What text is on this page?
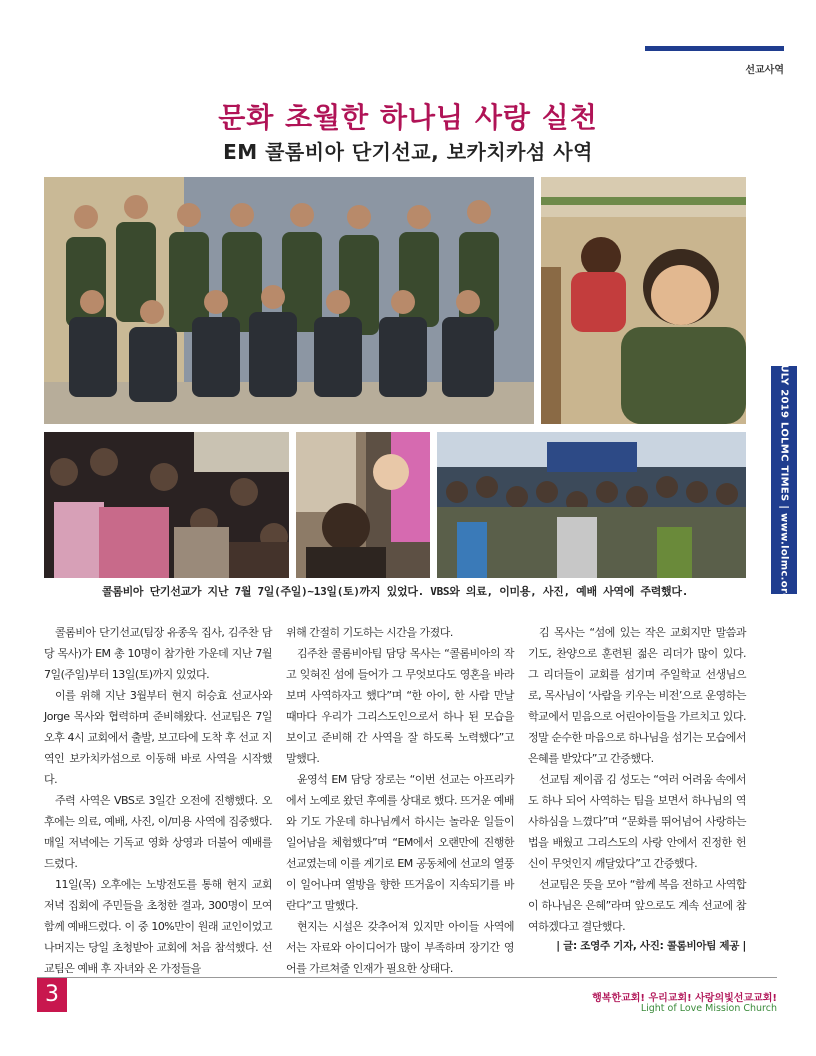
선교사역
문화 초월한 하나님 사랑 실천
EM 콜롬비아 단기선교, 보카치카섬 사역
콜롬비아 단기선교가 지난 7월 7일(주일)~13일(토)까지 있었다. VBS와 의료, 이미용, 사진, 예배 사역에 주력했다.

콜롬비아 단기선교(팀장 유종욱 집사, 김주찬 담당 목사)가 EM 총 10명이 참가한 가운데 지난 7월 7일(주일)부터 13일(토)까지 있었다.

이를 위해 지난 3월부터 현지 허승효 선교사와 Jorge 목사와 협력하며 준비해왔다. 선교팀은 7일 오후 4시 교회에서 출발, 보고타에 도착 후 선교 지역인 보카치카섬으로 이동해 바로 사역을 시작했다.

주력 사역은 VBS로 3일간 오전에 진행했다. 오후에는 의료, 예배, 사진, 이/미용 사역에 집중했다. 매일 저녁에는 기독교 영화 상영과 더불어 예배를 드렸다.

11일(목) 오후에는 노방전도를 통해 현지 교회 저녁 집회에 주민들을 초청한 결과, 300명이 모여 함께 예배드렸다. 이 중 10%만이 원래 교인이었고 나머지는 당일 초청받아 교회에 처음 참석했다. 선교팀은 예배 후 자녀와 온 가정들을

위해 간절히 기도하는 시간을 가졌다.

김주찬 콜롬비아팀 담당 목사는 “콜롬비아의 작고 잊혀진 섬에 들어가 그 무엇보다도 영혼을 바라보며 사역하자고 했다”며 “한 아이, 한 사람 만날 때마다 우리가 그리스도인으로서 하나 된 모습을 보이고 준비해 간 사역을 잘 하도록 노력했다”고 말했다.

윤영석 EM 담당 장로는 “이번 선교는 아프리카에서 노예로 왔던 후예를 상대로 했다. 뜨거운 예배와 기도 가운데 하나님께서 하시는 놀라운 일들이 일어남을 체험했다”며 “EM에서 오랜만에 진행한 선교였는데 이를 계기로 EM 공동체에 선교의 열풍이 일어나며 열방을 향한 뜨거움이 지속되기를 바란다”고 말했다.

현지는 시설은 갖추어져 있지만 아이들 사역에서는 자료와 아이디어가 많이 부족하며 장기간 영어를 가르쳐줄 인재가 필요한 상태다.

김 목사는 “섬에 있는 작은 교회지만 말씀과 기도, 찬양으로 훈련된 젊은 리더가 많이 있다. 그 리더들이 교회를 섬기며 주일학교 선생님으로, 목사님이 ‘사람을 키우는 비전’으로 운영하는 학교에서 믿음으로 어린아이들을 가르치고 있다. 정말 순수한 마음으로 하나님을 섬기는 모습에서 은혜를 받았다”고 간증했다.

선교팀 제이콥 김 성도는 “여러 어려움 속에서도 하나 되어 사역하는 팀을 보면서 하나님의 역사하심을 느꼈다”며 “문화를 뛰어넘어 사랑하는 법을 배웠고 그리스도의 사랑 안에서 진정한 헌신이 무엇인지 깨달았다”고 간증했다.

선교팀은 뜻을 모아 “함께 복음 전하고 사역합이 하나님은 은혜”라며 앞으로도 계속 선교에 참여하겠다고 결단했다.

| 글: 조영주 기자, 사진: 콜롬비아팀 제공 |
JULY 2019 LOLMC TIMES | www.lolmc.org
3	행복한교회! 우리교회! 사랑의빛선교교회!
Light of Love Mission Church
